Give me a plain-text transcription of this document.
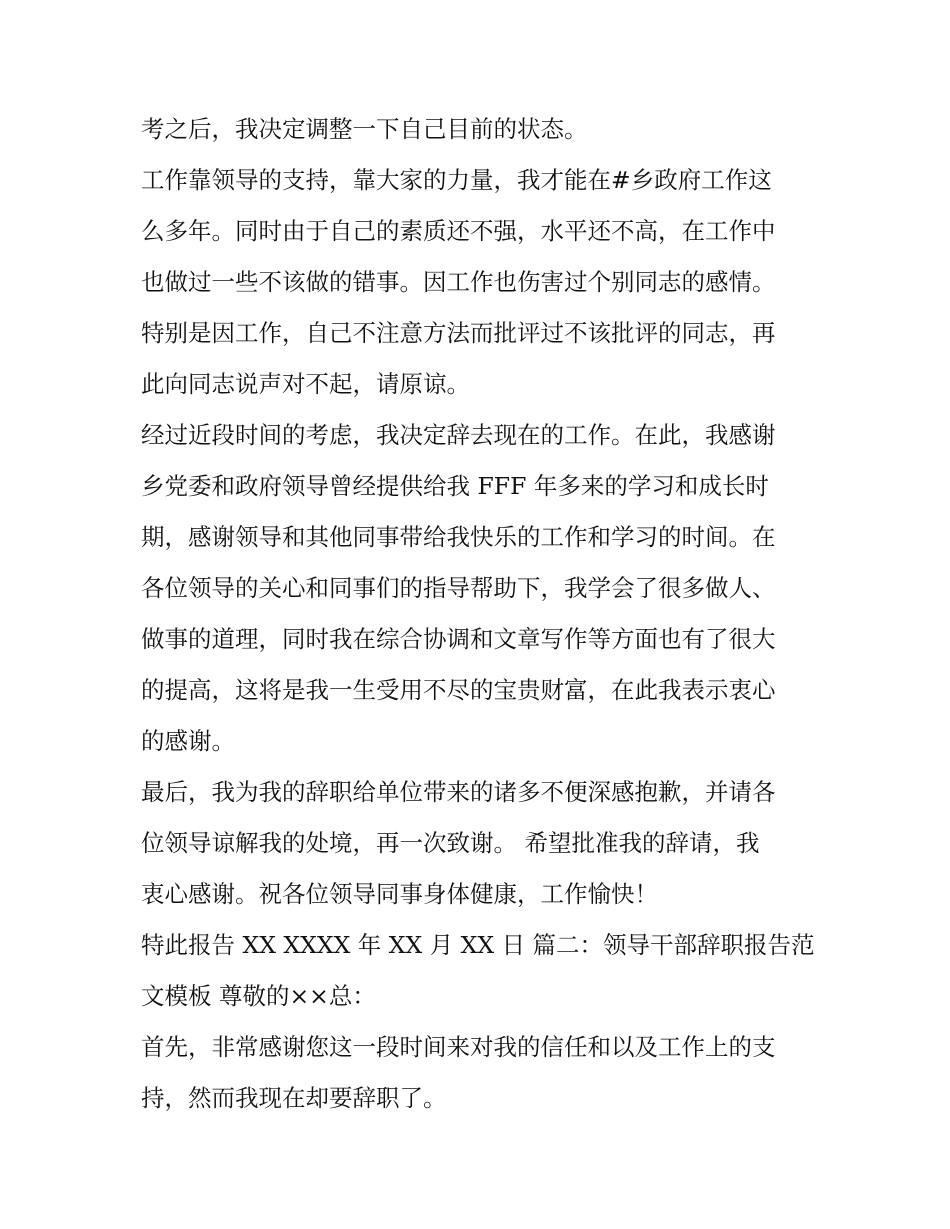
考之后，我决定调整一下自己目前的状态。
工作靠领导的支持，靠大家的力量，我才能在#乡政府工作这
么多年。同时由于自己的素质还不强，水平还不高，在工作中
也做过一些不该做的错事。因工作也伤害过个别同志的感情。
特别是因工作，自己不注意方法而批评过不该批评的同志，再
此向同志说声对不起，请原谅。
经过近段时间的考虑，我决定辞去现在的工作。在此，我感谢
乡党委和政府领导曾经提供给我 FFF 年多来的学习和成长时
期，感谢领导和其他同事带给我快乐的工作和学习的时间。在
各位领导的关心和同事们的指导帮助下，我学会了很多做人、
做事的道理，同时我在综合协调和文章写作等方面也有了很大
的提高，这将是我一生受用不尽的宝贵财富，在此我表示衷心
的感谢。
最后，我为我的辞职给单位带来的诸多不便深感抱歉，并请各
位领导谅解我的处境，再一次致谢。 希望批准我的辞请，我
衷心感谢。祝各位领导同事身体健康，工作愉快！
特此报告 XX XXXX 年 XX 月 XX 日 篇二：领导干部辞职报告范
文模板 尊敬的××总：
首先，非常感谢您这一段时间来对我的信任和以及工作上的支
持，然而我现在却要辞职了。
